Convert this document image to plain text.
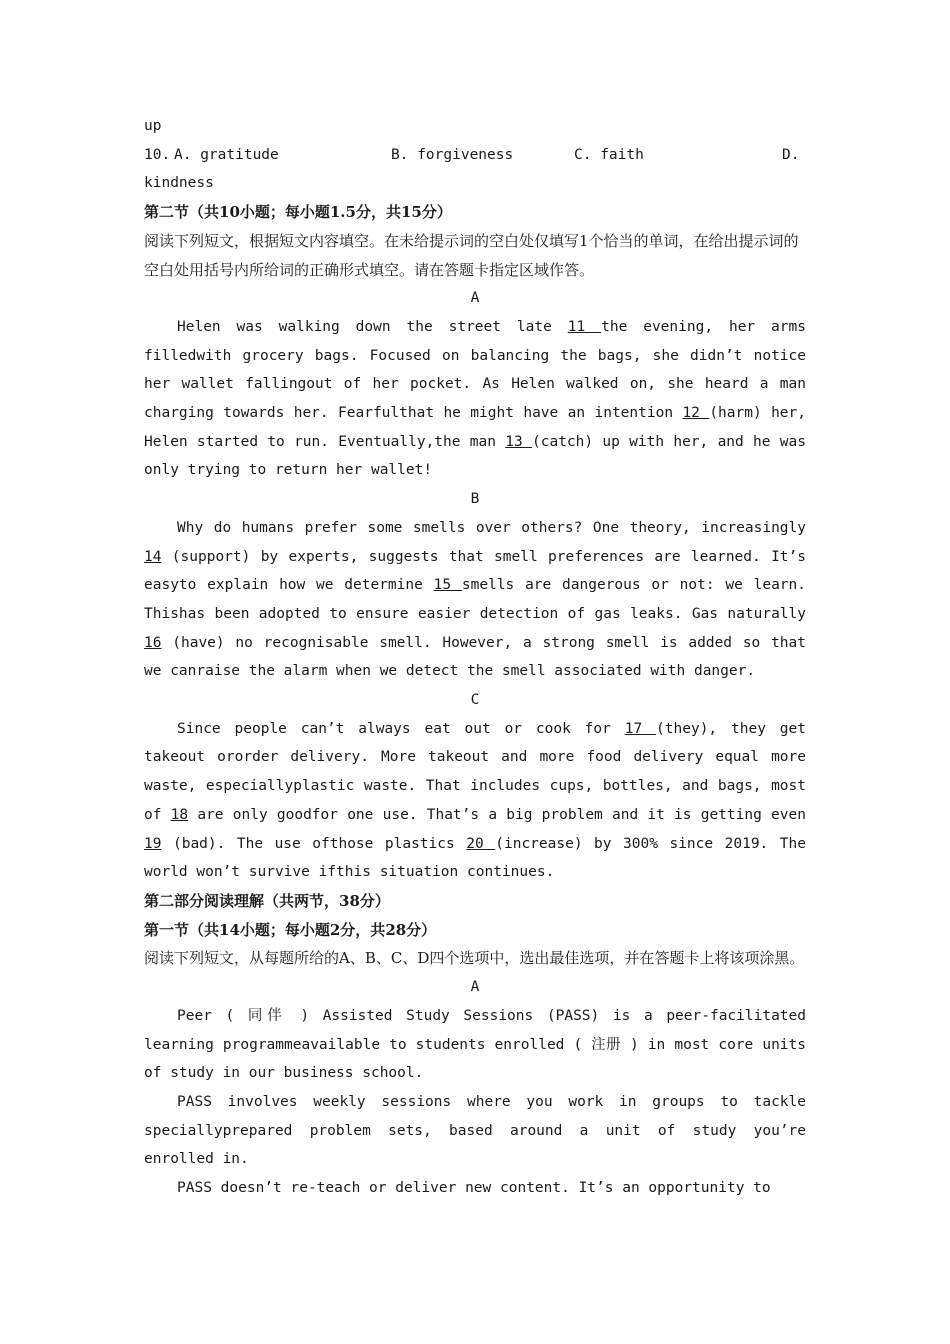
up
10. A. gratitude	B. forgiveness	C. faith	D.
kindness
第二节（共10小题；每小题1.5分，共15分）
阅读下列短文，根据短文内容填空。在未给提示词的空白处仅填写1个恰当的单词，在给出提示词的空白处用括号内所给词的正确形式填空。请在答题卡指定区域作答。
A
Helen was walking down the street late 11 the evening, her arms filledwith grocery bags. Focused on balancing the bags, she didn’t notice her wallet fallingout of her pocket. As Helen walked on, she heard a man charging towards her. Fearfulthat he might have an intention 12 (harm) her, Helen started to run. Eventually,the man 13 (catch) up with her, and he was only trying to return her wallet!
B
Why do humans prefer some smells over others? One theory, increasingly 14 (support) by experts, suggests that smell preferences are learned. It’s easyto explain how we determine 15 smells are dangerous or not: we learn. Thishas been adopted to ensure easier detection of gas leaks. Gas naturally 16 (have) no recognisable smell. However, a strong smell is added so that we canraise the alarm when we detect the smell associated with danger.
C
Since people can’t always eat out or cook for 17 (they), they get takeout ororder delivery. More takeout and more food delivery equal more waste, especiallyplastic waste. That includes cups, bottles, and bags, most of 18 are only goodfor one use. That’s a big problem and it is getting even 19 (bad). The use ofthose plastics 20 (increase) by 300% since 2019. The world won’t survive ifthis situation continues.
第二部分阅读理解（共两节，38分）
第一节（共14小题；每小题2分，共28分）
阅读下列短文，从每题所给的A、B、C、D四个选项中，选出最佳选项，并在答题卡上将该项涂黑。
A
Peer ( 同伴 ) Assisted Study Sessions (PASS) is a peer-facilitated learning programmeavailable to students enrolled ( 注册 ) in most core units of study in our business school.
PASS involves weekly sessions where you work in groups to tackle speciallyprepared problem sets, based around a unit of study you’re enrolled in.
PASS doesn’t re-teach or deliver new content. It’s an opportunity to
